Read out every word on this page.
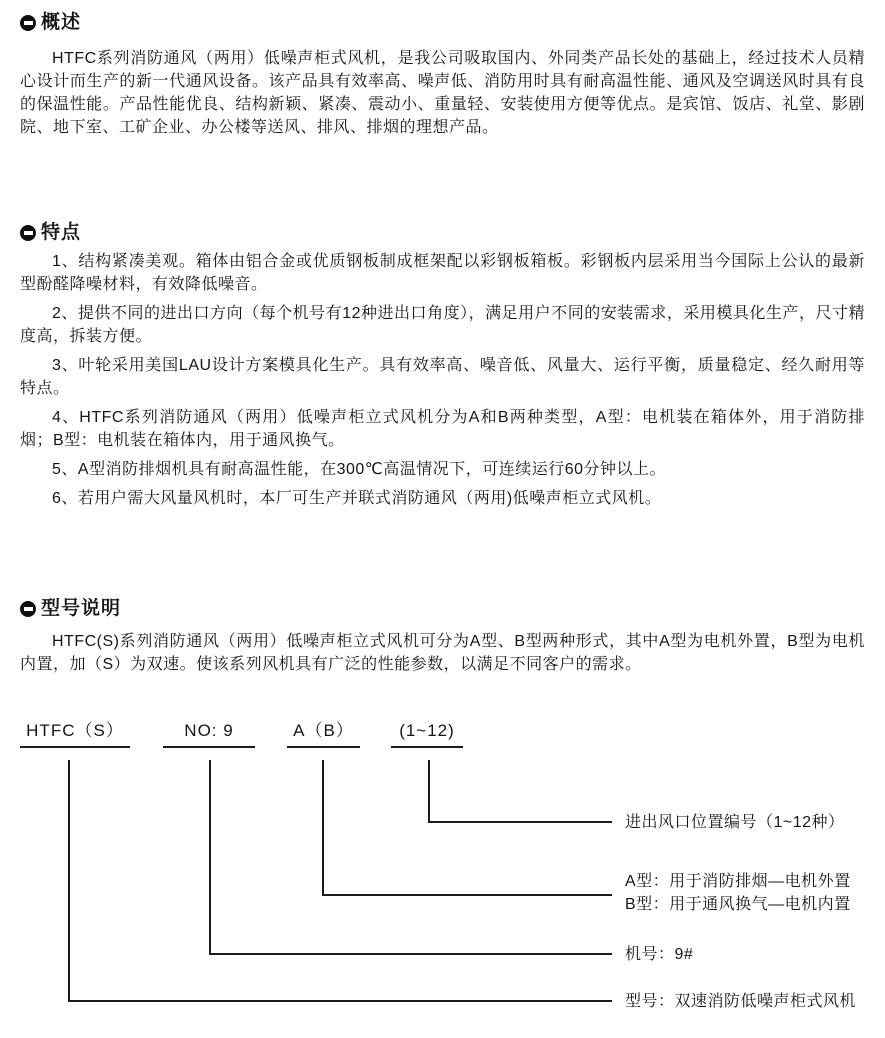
概述

HTFC系列消防通风（两用）低噪声柜式风机，是我公司吸取国内、外同类产品长处的基础上，经过技术人员精心设计而生产的新一代通风设备。该产品具有效率高、噪声低、消防用时具有耐高温性能、通风及空调送风时具有良的保温性能。产品性能优良、结构新颖、紧凑、震动小、重量轻、安装使用方便等优点。是宾馆、饭店、礼堂、影剧院、地下室、工矿企业、办公楼等送风、排风、排烟的理想产品。

特点

1、结构紧凑美观。箱体由铝合金或优质钢板制成框架配以彩钢板箱板。彩钢板内层采用当今国际上公认的最新型酚醛降噪材料，有效降低噪音。

2、提供不同的进出口方向（每个机号有12种进出口角度），满足用户不同的安装需求，采用模具化生产，尺寸精度高，拆装方便。

3、叶轮采用美国LAU设计方案模具化生产。具有效率高、噪音低、风量大、运行平衡，质量稳定、经久耐用等特点。

4、HTFC系列消防通风（两用）低噪声柜立式风机分为A和B两种类型，A型：电机装在箱体外，用于消防排烟；B型：电机装在箱体内，用于通风换气。

5、A型消防排烟机具有耐高温性能，在300℃高温情况下，可连续运行60分钟以上。

6、若用户需大风量风机时，本厂可生产并联式消防通风（两用)低噪声柜立式风机。

型号说明

HTFC(S)系列消防通风（两用）低噪声柜立式风机可分为A型、B型两种形式，其中A型为电机外置，B型为电机内置，加（S）为双速。使该系列风机具有广泛的性能参数，以满足不同客户的需求。

HTFC（S）	NO: 9	A（B）	(1~12)
进出风口位置编号（1~12种）
A型：用于消防排烟—电机外置
B型：用于通风换气—电机内置
机号：9#
型号：双速消防低噪声柜式风机
